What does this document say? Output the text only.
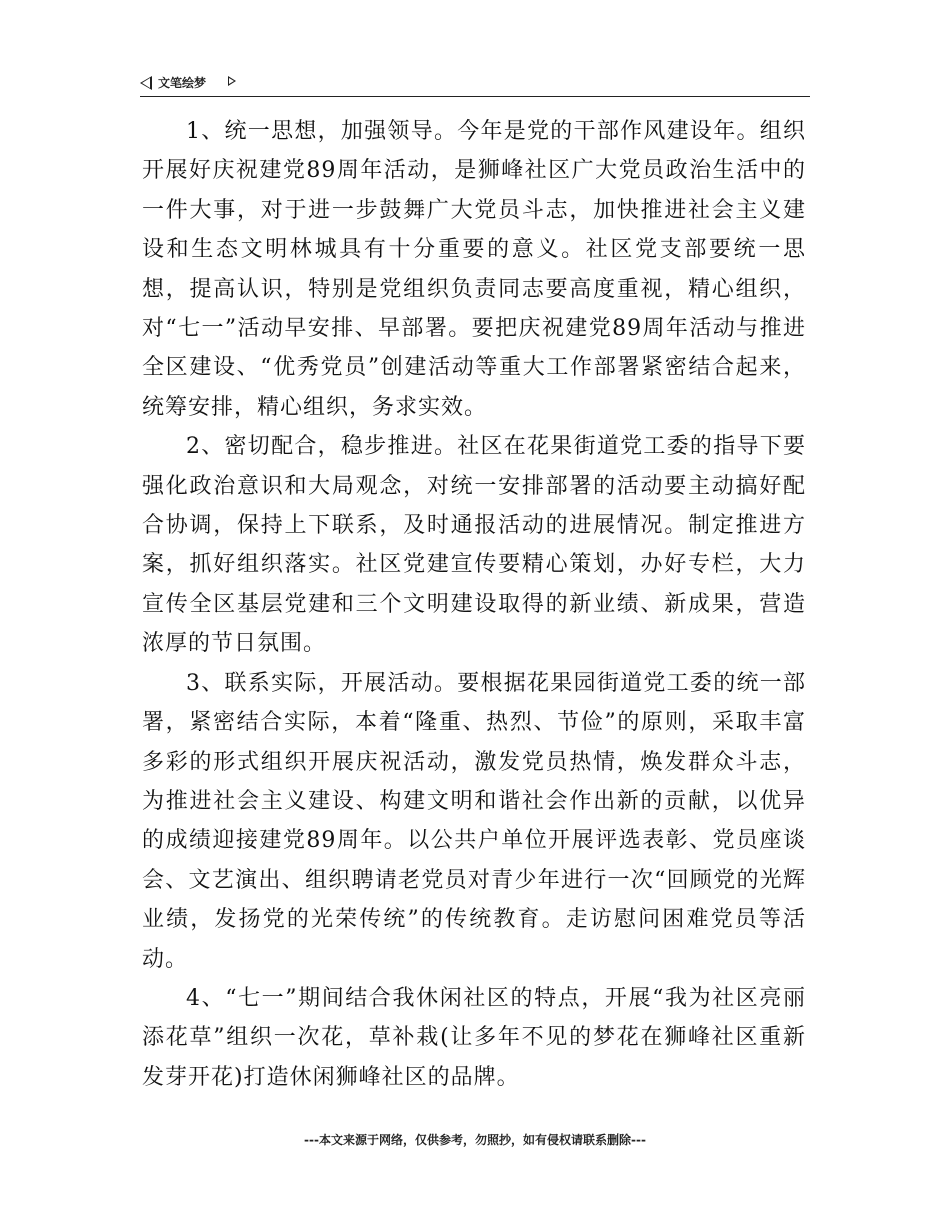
文笔绘梦

1、统一思想，加强领导。今年是党的干部作风建设年。组织开展好庆祝建党89周年活动，是狮峰社区广大党员政治生活中的一件大事，对于进一步鼓舞广大党员斗志，加快推进社会主义建设和生态文明林城具有十分重要的意义。社区党支部要统一思想，提高认识，特别是党组织负责同志要高度重视，精心组织，对“七一”活动早安排、早部署。要把庆祝建党89周年活动与推进全区建设、“优秀党员”创建活动等重大工作部署紧密结合起来，统筹安排，精心组织，务求实效。

2、密切配合，稳步推进。社区在花果街道党工委的指导下要强化政治意识和大局观念，对统一安排部署的活动要主动搞好配合协调，保持上下联系，及时通报活动的进展情况。制定推进方案，抓好组织落实。社区党建宣传要精心策划，办好专栏，大力宣传全区基层党建和三个文明建设取得的新业绩、新成果，营造浓厚的节日氛围。

3、联系实际，开展活动。要根据花果园街道党工委的统一部署，紧密结合实际，本着“隆重、热烈、节俭”的原则，采取丰富多彩的形式组织开展庆祝活动，激发党员热情，焕发群众斗志，为推进社会主义建设、构建文明和谐社会作出新的贡献，以优异的成绩迎接建党89周年。以公共户单位开展评选表彰、党员座谈会、文艺演出、组织聘请老党员对青少年进行一次“回顾党的光辉业绩，发扬党的光荣传统”的传统教育。走访慰问困难党员等活动。

4、“七一”期间结合我休闲社区的特点，开展“我为社区亮丽添花草”组织一次花，草补栽(让多年不见的梦花在狮峰社区重新发芽开花)打造休闲狮峰社区的品牌。

---本文来源于网络，仅供参考，勿照抄，如有侵权请联系删除---
